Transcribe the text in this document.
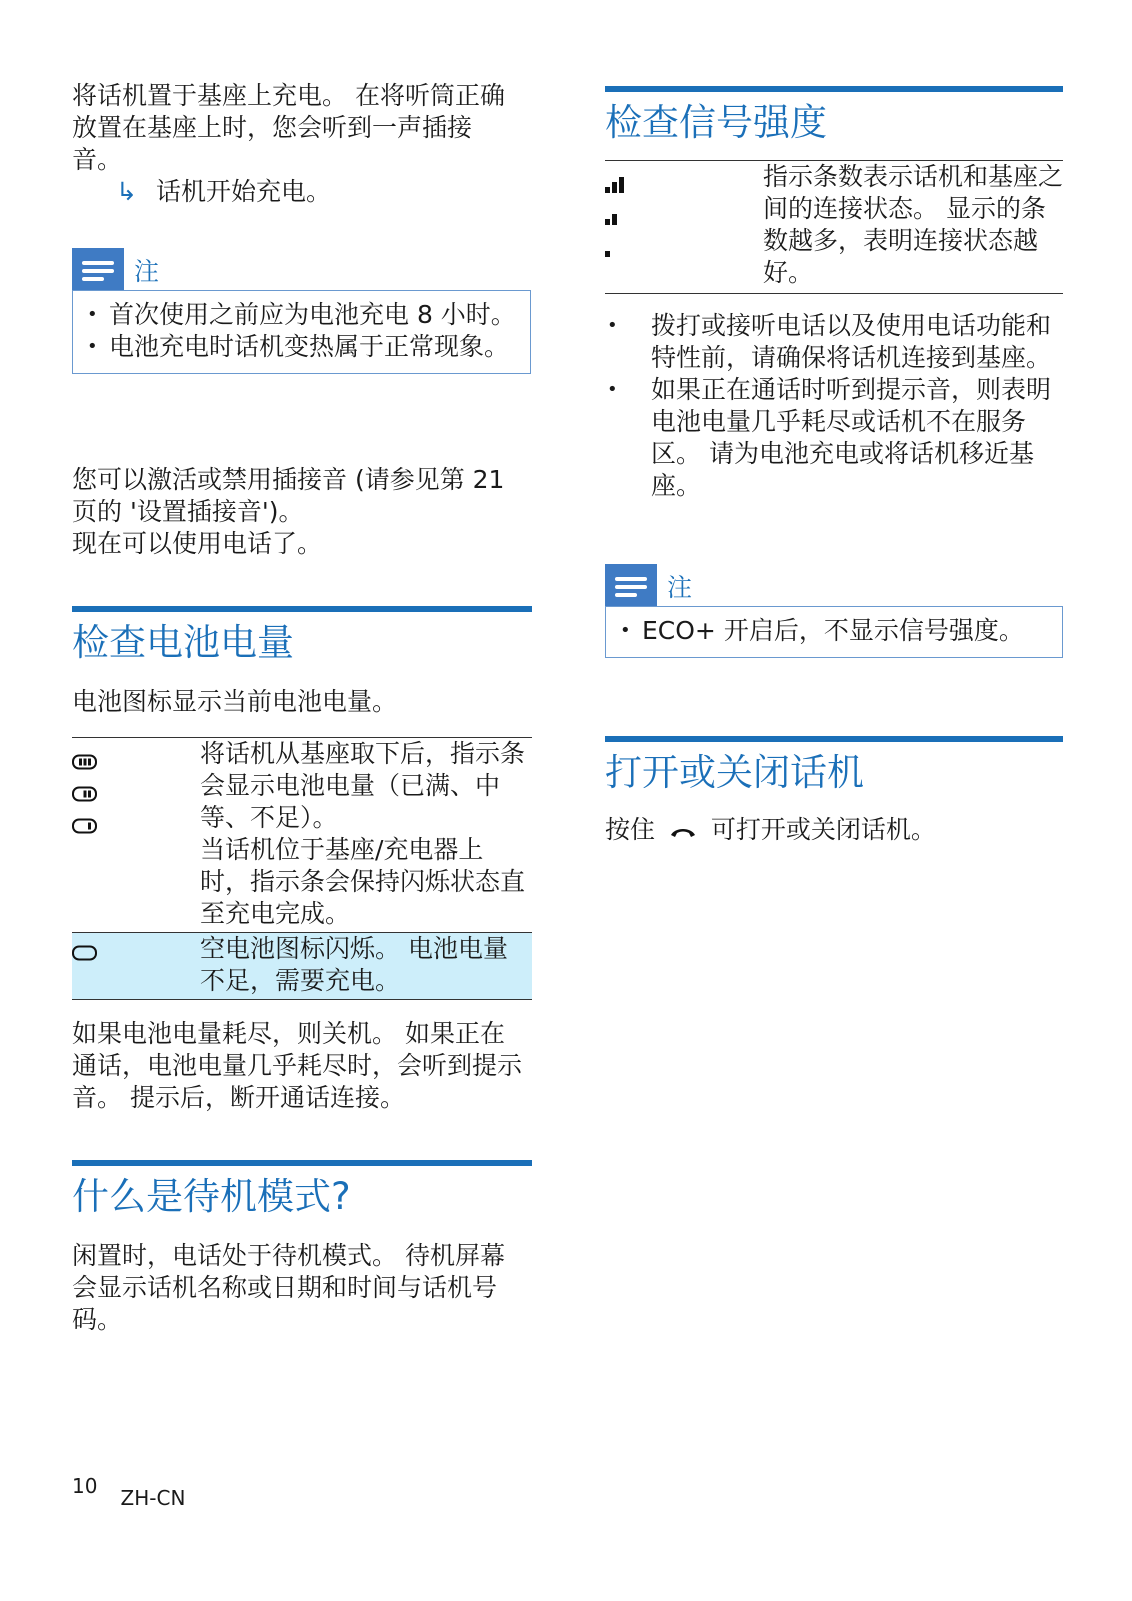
将话机置于基座上充电。 在将听筒正确放置在基座上时，您会听到一声插接音。

↳ 话机开始充电。
注
• 首次使用之前应为电池充电 8 小时。
• 电池充电时话机变热属于正常现象。

您可以激活或禁用插接音 (请参见第 21 页的 '设置插接音')。

现在可以使用电话了。

检查电池电量

电池图标显示当前电池电量。

将话机从基座取下后，指示条会显示电池电量（已满、中等、不足）。
当话机位于基座/充电器上时，指示条会保持闪烁状态直至充电完成。
空电池图标闪烁。 电池电量不足，需要充电。

如果电池电量耗尽，则关机。 如果正在通话，电池电量几乎耗尽时，会听到提示音。 提示后，断开通话连接。

什么是待机模式?

闲置时，电话处于待机模式。 待机屏幕会显示话机名称或日期和时间与话机号码。

10 ZH-CN
检查信号强度
指示条数表示话机和基座之间的连接状态。 显示的条数越多，表明连接状态越好。
• 拨打或接听电话以及使用电话功能和特性前，请确保将话机连接到基座。
• 如果正在通话时听到提示音，则表明电池电量几乎耗尽或话机不在服务区。 请为电池充电或将话机移近基座。
注
• ECO+ 开启后，不显示信号强度。
打开或关闭话机

按住 可打开或关闭话机。
